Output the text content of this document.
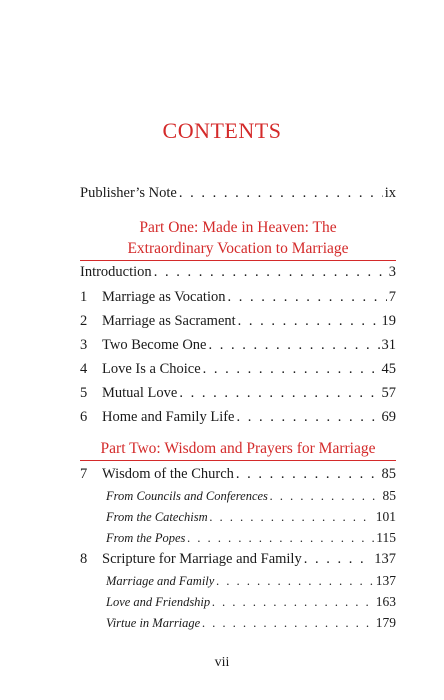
CONTENTS
Publisher’s Note . . .	ix
Part One: Made in Heaven: The
Extraordinary Vocation to Marriage
Introduction . . .	3
1	Marriage as Vocation . . .	7
2	Marriage as Sacrament . . .	19
3	Two Become One . . .	31
4	Love Is a Choice . . .	45
5	Mutual Love . . .	57
6	Home and Family Life . . .	69
Part Two: Wisdom and Prayers for Marriage
7	Wisdom of the Church . . .	85
From Councils and Conferences . . .	85
From the Catechism . . .	101
From the Popes . . .	115
8	Scripture for Marriage and Family . . .	137
Marriage and Family . . .	137
Love and Friendship . . .	163
Virtue in Marriage . . .	179
vii
